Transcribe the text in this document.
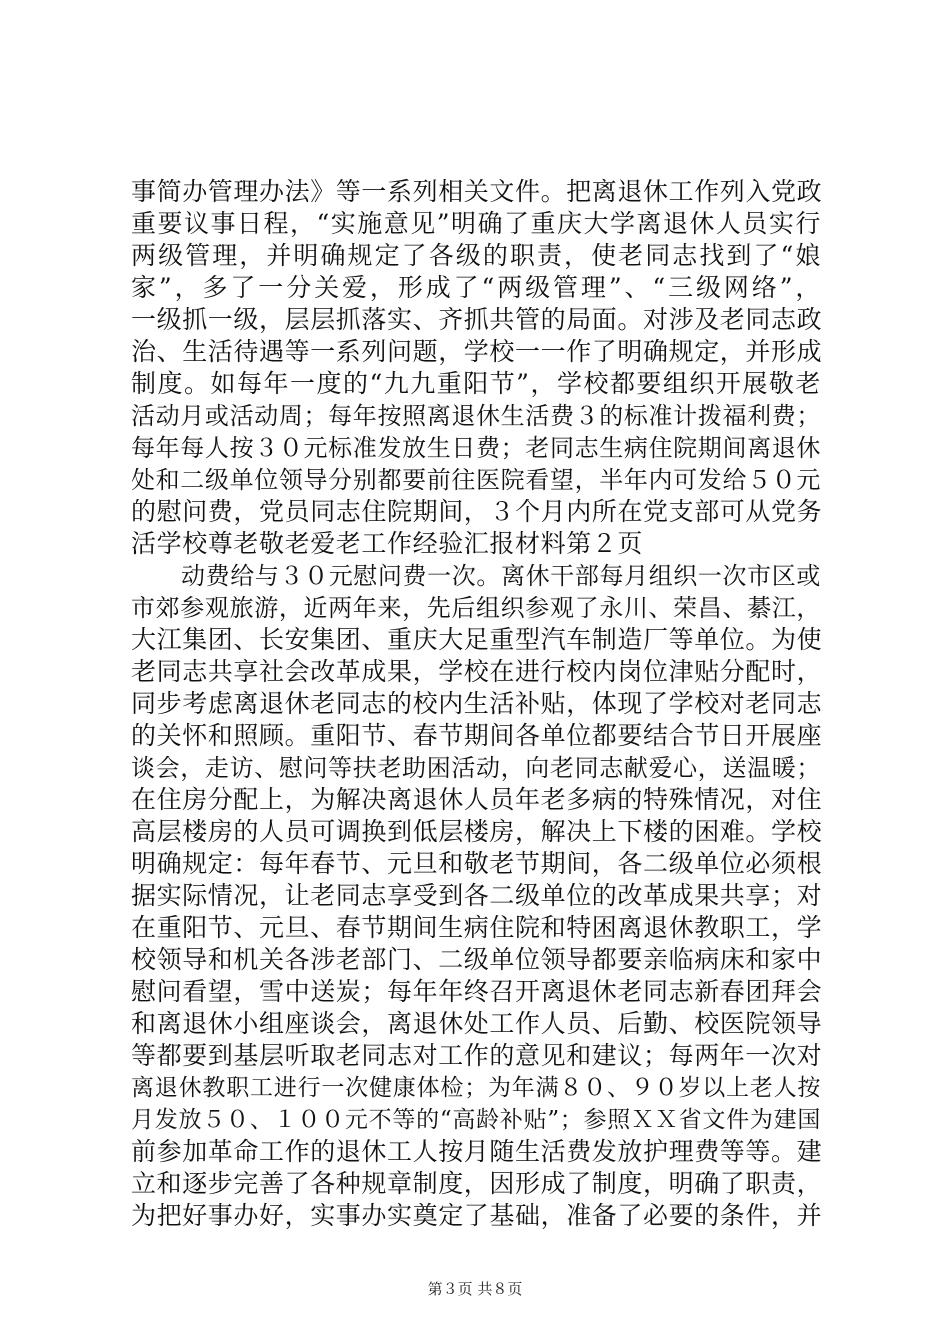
事简办管理办法》等一系列相关文件。把离退休工作列入党政
重要议事日程，“实施意见”明确了重庆大学离退休人员实行
两级管理，并明确规定了各级的职责，使老同志找到了“娘
家”，多了一分关爱，形成了“两级管理”、“三级网络”，
一级抓一级，层层抓落实、齐抓共管的局面。对涉及老同志政
治、生活待遇等一系列问题，学校一一作了明确规定，并形成
制度。如每年一度的“九九重阳节”，学校都要组织开展敬老
活动月或活动周；每年按照离退休生活费３的标准计拨福利费；
每年每人按３０元标准发放生日费；老同志生病住院期间离退休
处和二级单位领导分别都要前往医院看望，半年内可发给５０元
的慰问费，党员同志住院期间，３个月内所在党支部可从党务
活学校尊老敬老爱老工作经验汇报材料第２页
动费给与３０元慰问费一次。离休干部每月组织一次市区或
市郊参观旅游，近两年来，先后组织参观了永川、荣昌、綦江，
大江集团、长安集团、重庆大足重型汽车制造厂等单位。为使
老同志共享社会改革成果，学校在进行校内岗位津贴分配时，
同步考虑离退休老同志的校内生活补贴，体现了学校对老同志
的关怀和照顾。重阳节、春节期间各单位都要结合节日开展座
谈会，走访、慰问等扶老助困活动，向老同志献爱心，送温暖；
在住房分配上，为解决离退休人员年老多病的特殊情况，对住
高层楼房的人员可调换到低层楼房，解决上下楼的困难。学校
明确规定：每年春节、元旦和敬老节期间，各二级单位必须根
据实际情况，让老同志享受到各二级单位的改革成果共享；对
在重阳节、元旦、春节期间生病住院和特困离退休教职工，学
校领导和机关各涉老部门、二级单位领导都要亲临病床和家中
慰问看望，雪中送炭；每年年终召开离退休老同志新春团拜会
和离退休小组座谈会，离退休处工作人员、后勤、校医院领导
等都要到基层听取老同志对工作的意见和建议；每两年一次对
离退休教职工进行一次健康体检；为年满８０、９０岁以上老人按
月发放５０、１００元不等的“高龄补贴”；参照ＸＸ省文件为建国
前参加革命工作的退休工人按月随生活费发放护理费等等。建
立和逐步完善了各种规章制度，因形成了制度，明确了职责，
为把好事办好，实事办实奠定了基础，准备了必要的条件，并
第３页 共８页
